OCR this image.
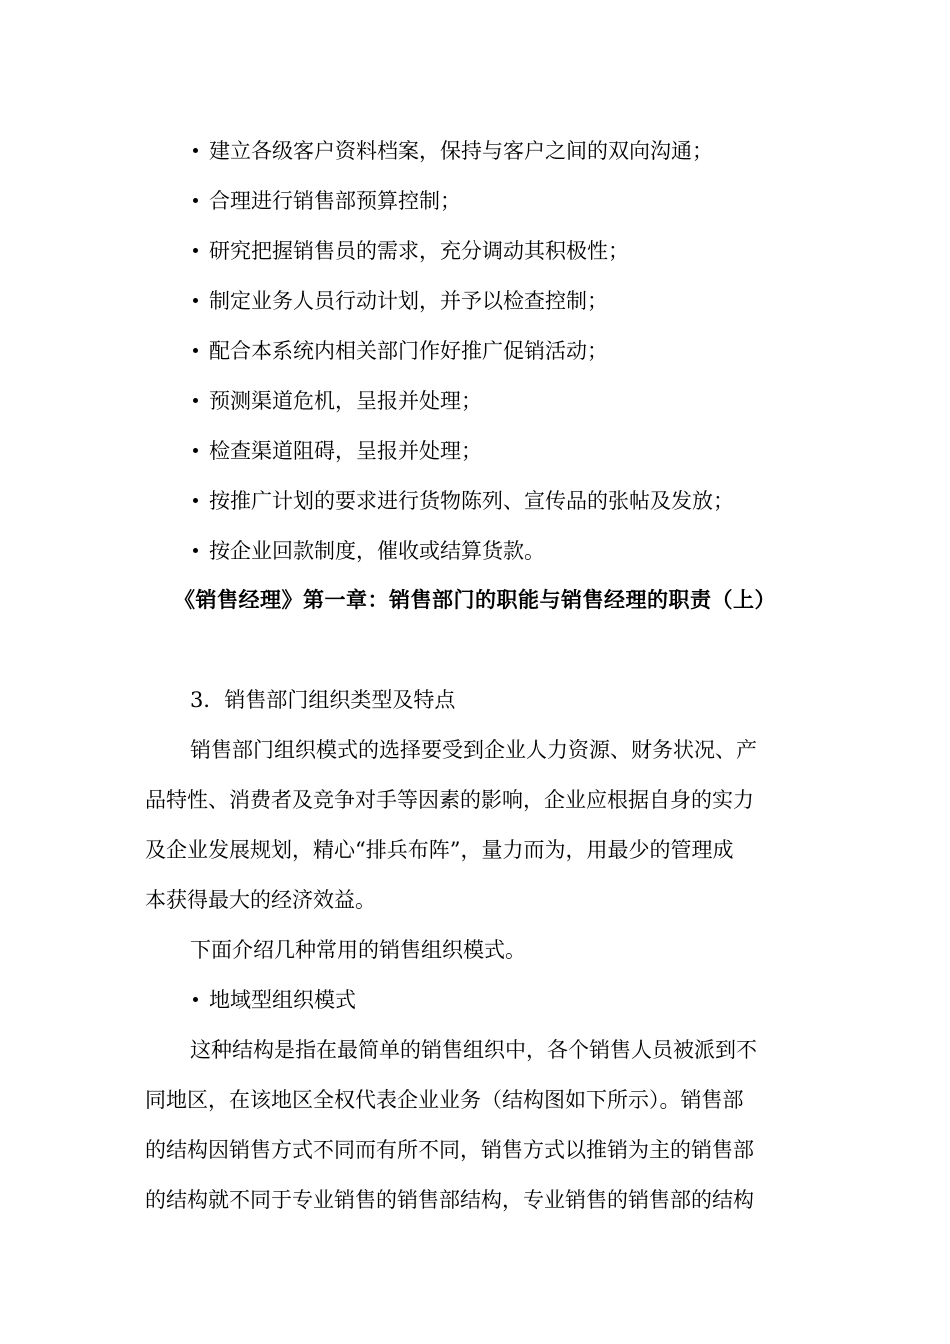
建立各级客户资料档案，保持与客户之间的双向沟通；
合理进行销售部预算控制；
研究把握销售员的需求，充分调动其积极性；
制定业务人员行动计划，并予以检查控制；
配合本系统内相关部门作好推广促销活动；
预测渠道危机，呈报并处理；
检查渠道阻碍，呈报并处理；
按推广计划的要求进行货物陈列、宣传品的张帖及发放；
按企业回款制度，催收或结算货款。
《销售经理》第一章：销售部门的职能与销售经理的职责（上）
3．销售部门组织类型及特点
销售部门组织模式的选择要受到企业人力资源、财务状况、产
品特性、消费者及竞争对手等因素的影响，企业应根据自身的实力
及企业发展规划，精心“排兵布阵”，量力而为，用最少的管理成
本获得最大的经济效益。
下面介绍几种常用的销售组织模式。
地域型组织模式
这种结构是指在最简单的销售组织中，各个销售人员被派到不
同地区，在该地区全权代表企业业务（结构图如下所示）。销售部
的结构因销售方式不同而有所不同，销售方式以推销为主的销售部
的结构就不同于专业销售的销售部结构，专业销售的销售部的结构
